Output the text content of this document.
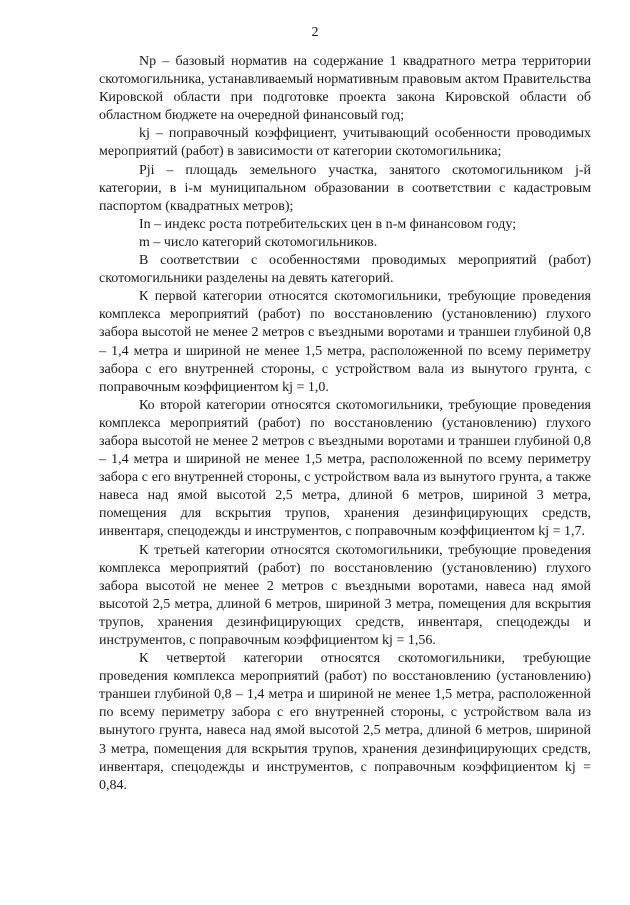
2

Np – базовый норматив на содержание 1 квадратного метра территории скотомогильника, устанавливаемый нормативным правовым актом Правительства Кировской области при подготовке проекта закона Кировской области об областном бюджете на очередной финансовый год;

kj – поправочный коэффициент, учитывающий особенности проводимых мероприятий (работ) в зависимости от категории скотомогильника;

Pji – площадь земельного участка, занятого скотомогильником j-й категории, в i-м муниципальном образовании в соответствии с кадастровым паспортом (квадратных метров);

In – индекс роста потребительских цен в n-м финансовом году;

m – число категорий скотомогильников.

В соответствии с особенностями проводимых мероприятий (работ) скотомогильники разделены на девять категорий.

К первой категории относятся скотомогильники, требующие проведения комплекса мероприятий (работ) по восстановлению (установлению) глухого забора высотой не менее 2 метров с въездными воротами и траншеи глубиной 0,8 – 1,4 метра и шириной не менее 1,5 метра, расположенной по всему периметру забора с его внутренней стороны, с устройством вала из вынутого грунта, с поправочным коэффициентом kj = 1,0.

Ко второй категории относятся скотомогильники, требующие проведения комплекса мероприятий (работ) по восстановлению (установлению) глухого забора высотой не менее 2 метров с въездными воротами и траншеи глубиной 0,8 – 1,4 метра и шириной не менее 1,5 метра, расположенной по всему периметру забора с его внутренней стороны, с устройством вала из вынутого грунта, а также навеса над ямой высотой 2,5 метра, длиной 6 метров, шириной 3 метра, помещения для вскрытия трупов, хранения дезинфицирующих средств, инвентаря, спецодежды и инструментов, с поправочным коэффициентом kj = 1,7.

К третьей категории относятся скотомогильники, требующие проведения комплекса мероприятий (работ) по восстановлению (установлению) глухого забора высотой не менее 2 метров с въездными воротами, навеса над ямой высотой 2,5 метра, длиной 6 метров, шириной 3 метра, помещения для вскрытия трупов, хранения дезинфицирующих средств, инвентаря, спецодежды и инструментов, с поправочным коэффициентом kj = 1,56.

К четвертой категории относятся скотомогильники, требующие проведения комплекса мероприятий (работ) по восстановлению (установлению) траншеи глубиной 0,8 – 1,4 метра и шириной не менее 1,5 метра, расположенной по всему периметру забора с его внутренней стороны, с устройством вала из вынутого грунта, навеса над ямой высотой 2,5 метра, длиной 6 метров, шириной 3 метра, помещения для вскрытия трупов, хранения дезинфицирующих средств, инвентаря, спецодежды и инструментов, с поправочным коэффициентом kj = 0,84.
